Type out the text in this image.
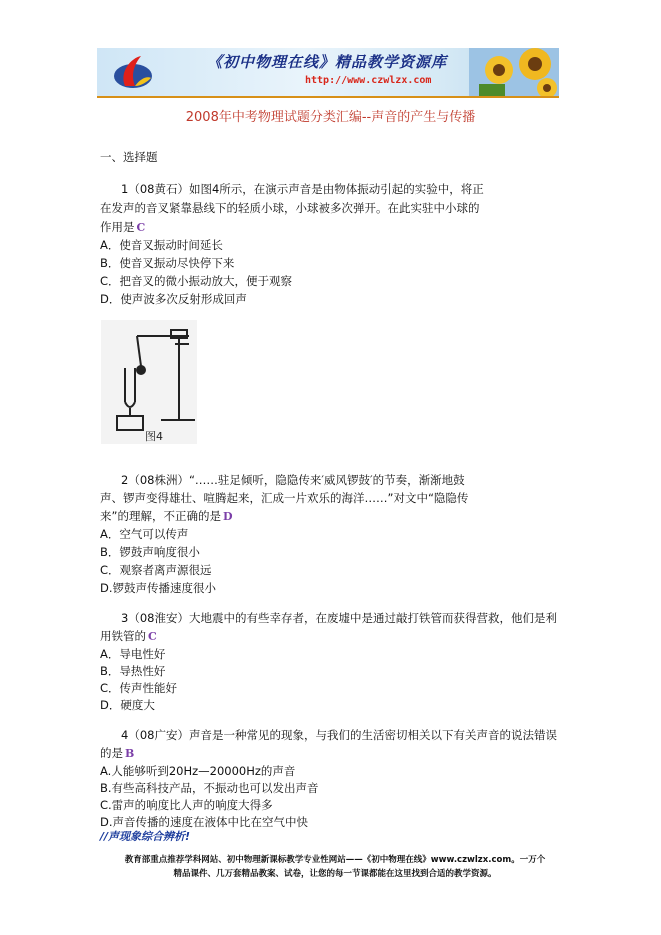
《初中物理在线》精品教学资源库
http://www.czwlzx.com
2008年中考物理试题分类汇编--声音的产生与传播
一、选择题
1（08黄石）如图4所示，在演示声音是由物体振动引起的实验中，将正
在发声的音叉紧靠悬线下的轻质小球，小球被多次弹开。在此实驻中小球的
作用是 C
A．使音叉振动时间延长
B．使音叉振动尽快停下来
C．把音叉的微小振动放大，便于观察
D．使声波多次反射形成回声
图4
2（08株洲）“……驻足倾听，隐隐传来′威风锣鼓′的节奏，渐渐地鼓
声、锣声变得雄壮、喧腾起来，汇成一片欢乐的海洋……”对文中“隐隐传
来”的理解，不正确的是 D
A．空气可以传声
B．锣鼓声响度很小
C．观察者离声源很远
D.锣鼓声传播速度很小
3（08淮安）大地震中的有些幸存者，在废墟中是通过敲打铁管而获得营救，他们是利
用铁管的 C
A．导电性好
B．导热性好
C．传声性能好
D．硬度大
4（08广安）声音是一种常见的现象，与我们的生活密切相关以下有关声音的说法错误
的是 B
A.人能够听到20Hz—20000Hz的声音
B.有些高科技产品，不振动也可以发出声音
C.雷声的响度比人声的响度大得多
D.声音传播的速度在液体中比在空气中快
//声现象综合辨析!
教育部重点推荐学科网站、初中物理新课标教学专业性网站——《初中物理在线》www.czwlzx.com。一万个
精品课件、几万套精品教案、试卷，让您的每一节课都能在这里找到合适的教学资源。
